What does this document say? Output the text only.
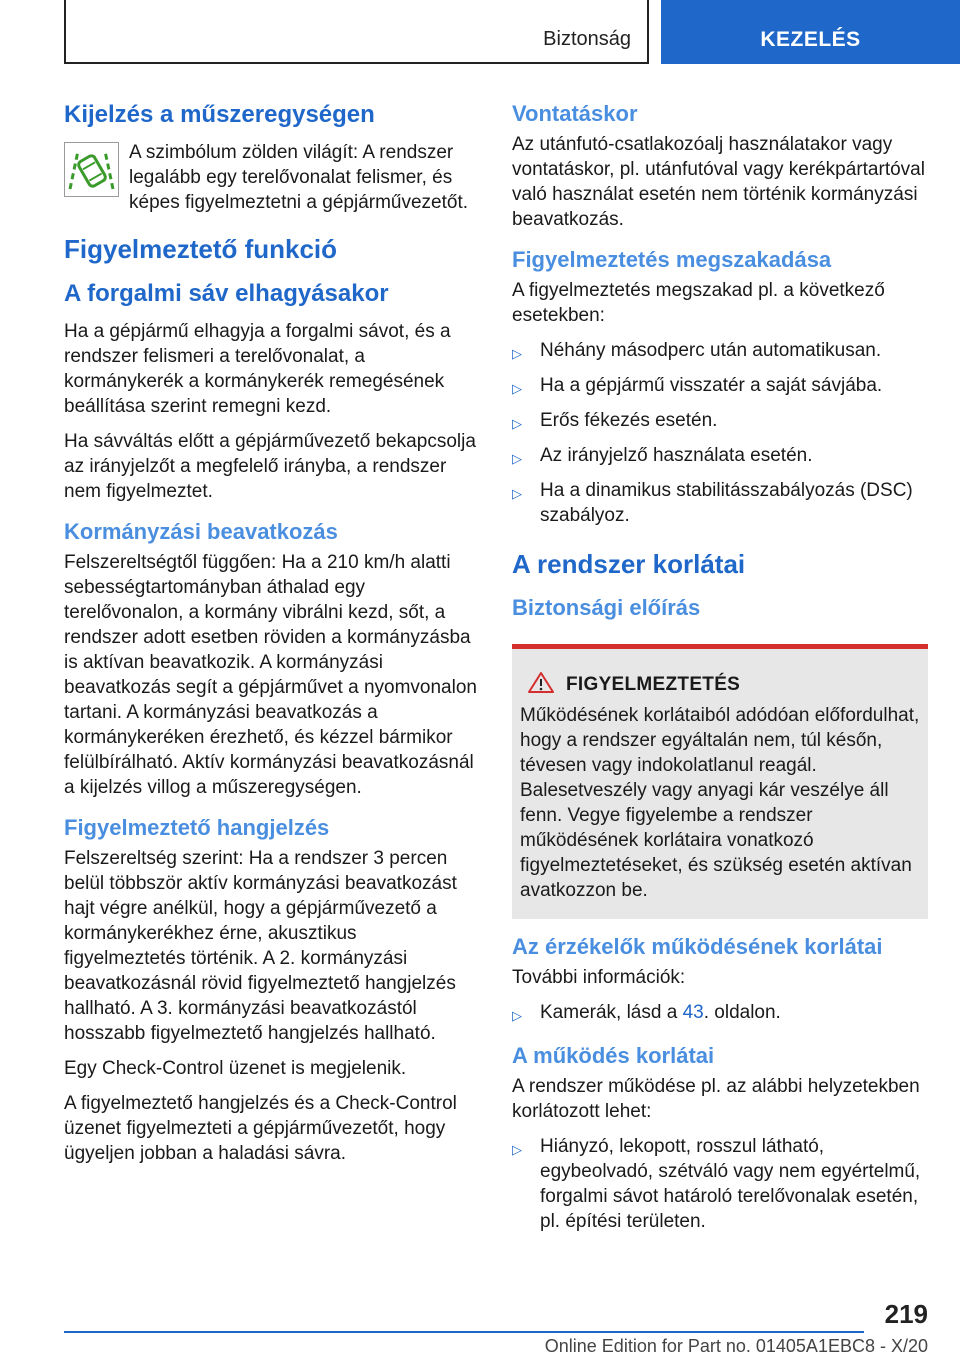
Biztonság	KEZELÉS
Kijelzés a műszeregységen

A szimbólum zölden világít: A rendszer legalább egy terelővonalat felismer, és képes figyelmeztetni a gépjárművezetőt.

Figyelmeztető funkció
A forgalmi sáv elhagyásakor

Ha a gépjármű elhagyja a forgalmi sávot, és a rendszer felismeri a terelővonalat, a kormánykerék a kormánykerék remegésének beállítása szerint remegni kezd.

Ha sávváltás előtt a gépjárművezető bekapcsolja az irányjelzőt a megfelelő irányba, a rendszer nem figyelmeztet.

Kormányzási beavatkozás

Felszereltségtől függően: Ha a 210 km/h alatti sebességtartományban áthalad egy terelővonalon, a kormány vibrálni kezd, sőt, a rendszer adott esetben röviden a kormányzásba is aktívan beavatkozik. A kormányzási beavatkozás segít a gépjárművet a nyomvonalon tartani. A kormányzási beavatkozás a kormánykeréken érezhető, és kézzel bármikor felülbírálható. Aktív kormányzási beavatkozásnál a kijelzés villog a műszeregységen.

Figyelmeztető hangjelzés

Felszereltség szerint: Ha a rendszer 3 percen belül többször aktív kormányzási beavatkozást hajt végre anélkül, hogy a gépjárművezető a kormánykerékhez érne, akusztikus figyelmeztetés történik. A 2. kormányzási beavatkozásnál rövid figyelmeztető hangjelzés hallható. A 3. kormányzási beavatkozástól hosszabb figyelmeztető hangjelzés hallható.

Egy Check-Control üzenet is megjelenik.

A figyelmeztető hangjelzés és a Check-Control üzenet figyelmezteti a gépjárművezetőt, hogy ügyeljen jobban a haladási sávra.

Vontatáskor

Az utánfutó-csatlakozóalj használatakor vagy vontatáskor, pl. utánfutóval vagy kerékpártartóval való használat esetén nem történik kormányzási beavatkozás.

Figyelmeztetés megszakadása

A figyelmeztetés megszakad pl. a következő esetekben:

▷ Néhány másodperc után automatikusan.
▷ Ha a gépjármű visszatér a saját sávjába.
▷ Erős fékezés esetén.
▷ Az irányjelző használata esetén.
▷ Ha a dinamikus stabilitásszabályozás (DSC) szabályoz.
A rendszer korlátai
Biztonsági előírás
FIGYELMEZTETÉS

Működésének korlátaiból adódóan előfordulhat, hogy a rendszer egyáltalán nem, túl későn, tévesen vagy indokolatlanul reagál. Balesetveszély vagy anyagi kár veszélye áll fenn. Vegye figyelembe a rendszer működésének korlátaira vonatkozó figyelmeztetéseket, és szükség esetén aktívan avatkozzon be.

Az érzékelők működésének korlátai

További információk:

▷ Kamerák, lásd a 43. oldalon.
A működés korlátai

A rendszer működése pl. az alábbi helyzetekben korlátozott lehet:

▷ Hiányzó, lekopott, rosszul látható, egybeolvadó, szétváló vagy nem egyértelmű, forgalmi sávot határoló terelővonalak esetén, pl. építési területen.
219
Online Edition for Part no. 01405A1EBC8 - X/20
